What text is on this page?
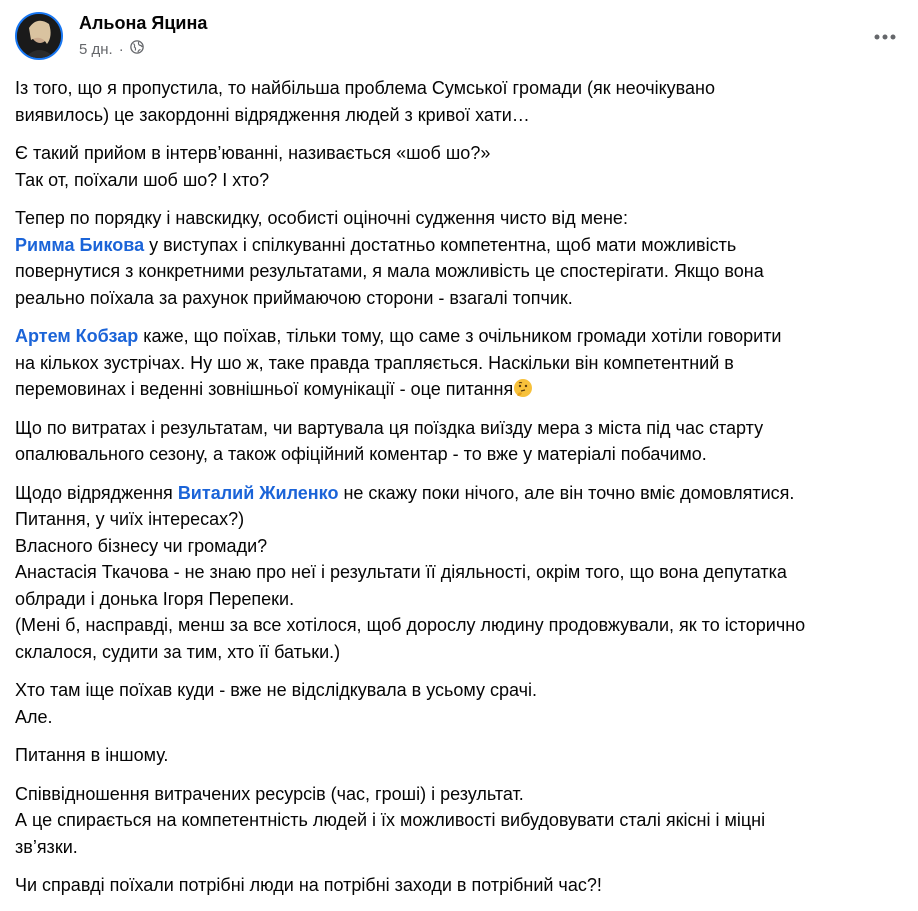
Альона Яцина
5 дн. ·

Із того, що я пропустила, то найбільша проблема Сумської громади (як неочікувано
виявилось) це закордонні відрядження людей з кривої хати…

Є такий прийом в інтерв’юванні, називається «шоб шо?»
Так от, поїхали шоб шо? І хто?

Тепер по порядку і навскидку, особисті оціночні судження чисто від мене:
Римма Бикова у виступах і спілкуванні достатньо компетентна, щоб мати можливість
повернутися з конкретними результатами, я мала можливість це спостерігати. Якщо вона
реально поїхала за рахунок приймаючою сторони - взагалі топчик.

Артем Кобзар каже, що поїхав, тільки тому, що саме з очільником громади хотіли говорити
на кількох зустрічах. Ну шо ж, таке правда трапляється. Наскільки він компетентний в
перемовинах і веденні зовнішньої комунікації - оце питання

Що по витратах і результатам, чи вартувала ця поїздка виїзду мера з міста під час старту
опалювального сезону, а також офіційний коментар - то вже у матеріалі побачимо.

Щодо відрядження Виталий Жиленко не скажу поки нічого, але він точно вміє домовлятися.
Питання, у чиїх інтересах?)
Власного бізнесу чи громади?
Анастасія Ткачова - не знаю про неї і результати її діяльності, окрім того, що вона депутатка
облради і донька Ігоря Перепеки.
(Мені б, насправді, менш за все хотілося, щоб дорослу людину продовжували, як то історично
склалося, судити за тим, хто її батьки.)

Хто там іще поїхав куди - вже не відслідкувала в усьому срачі.
Але.

Питання в іншому.

Співвідношення витрачених ресурсів (час, гроші) і результат.
А це спирається на компетентність людей і їх можливості вибудовувати сталі якісні і міцні
зв’язки.

Чи справді поїхали потрібні люди на потрібні заходи в потрібний час?!
